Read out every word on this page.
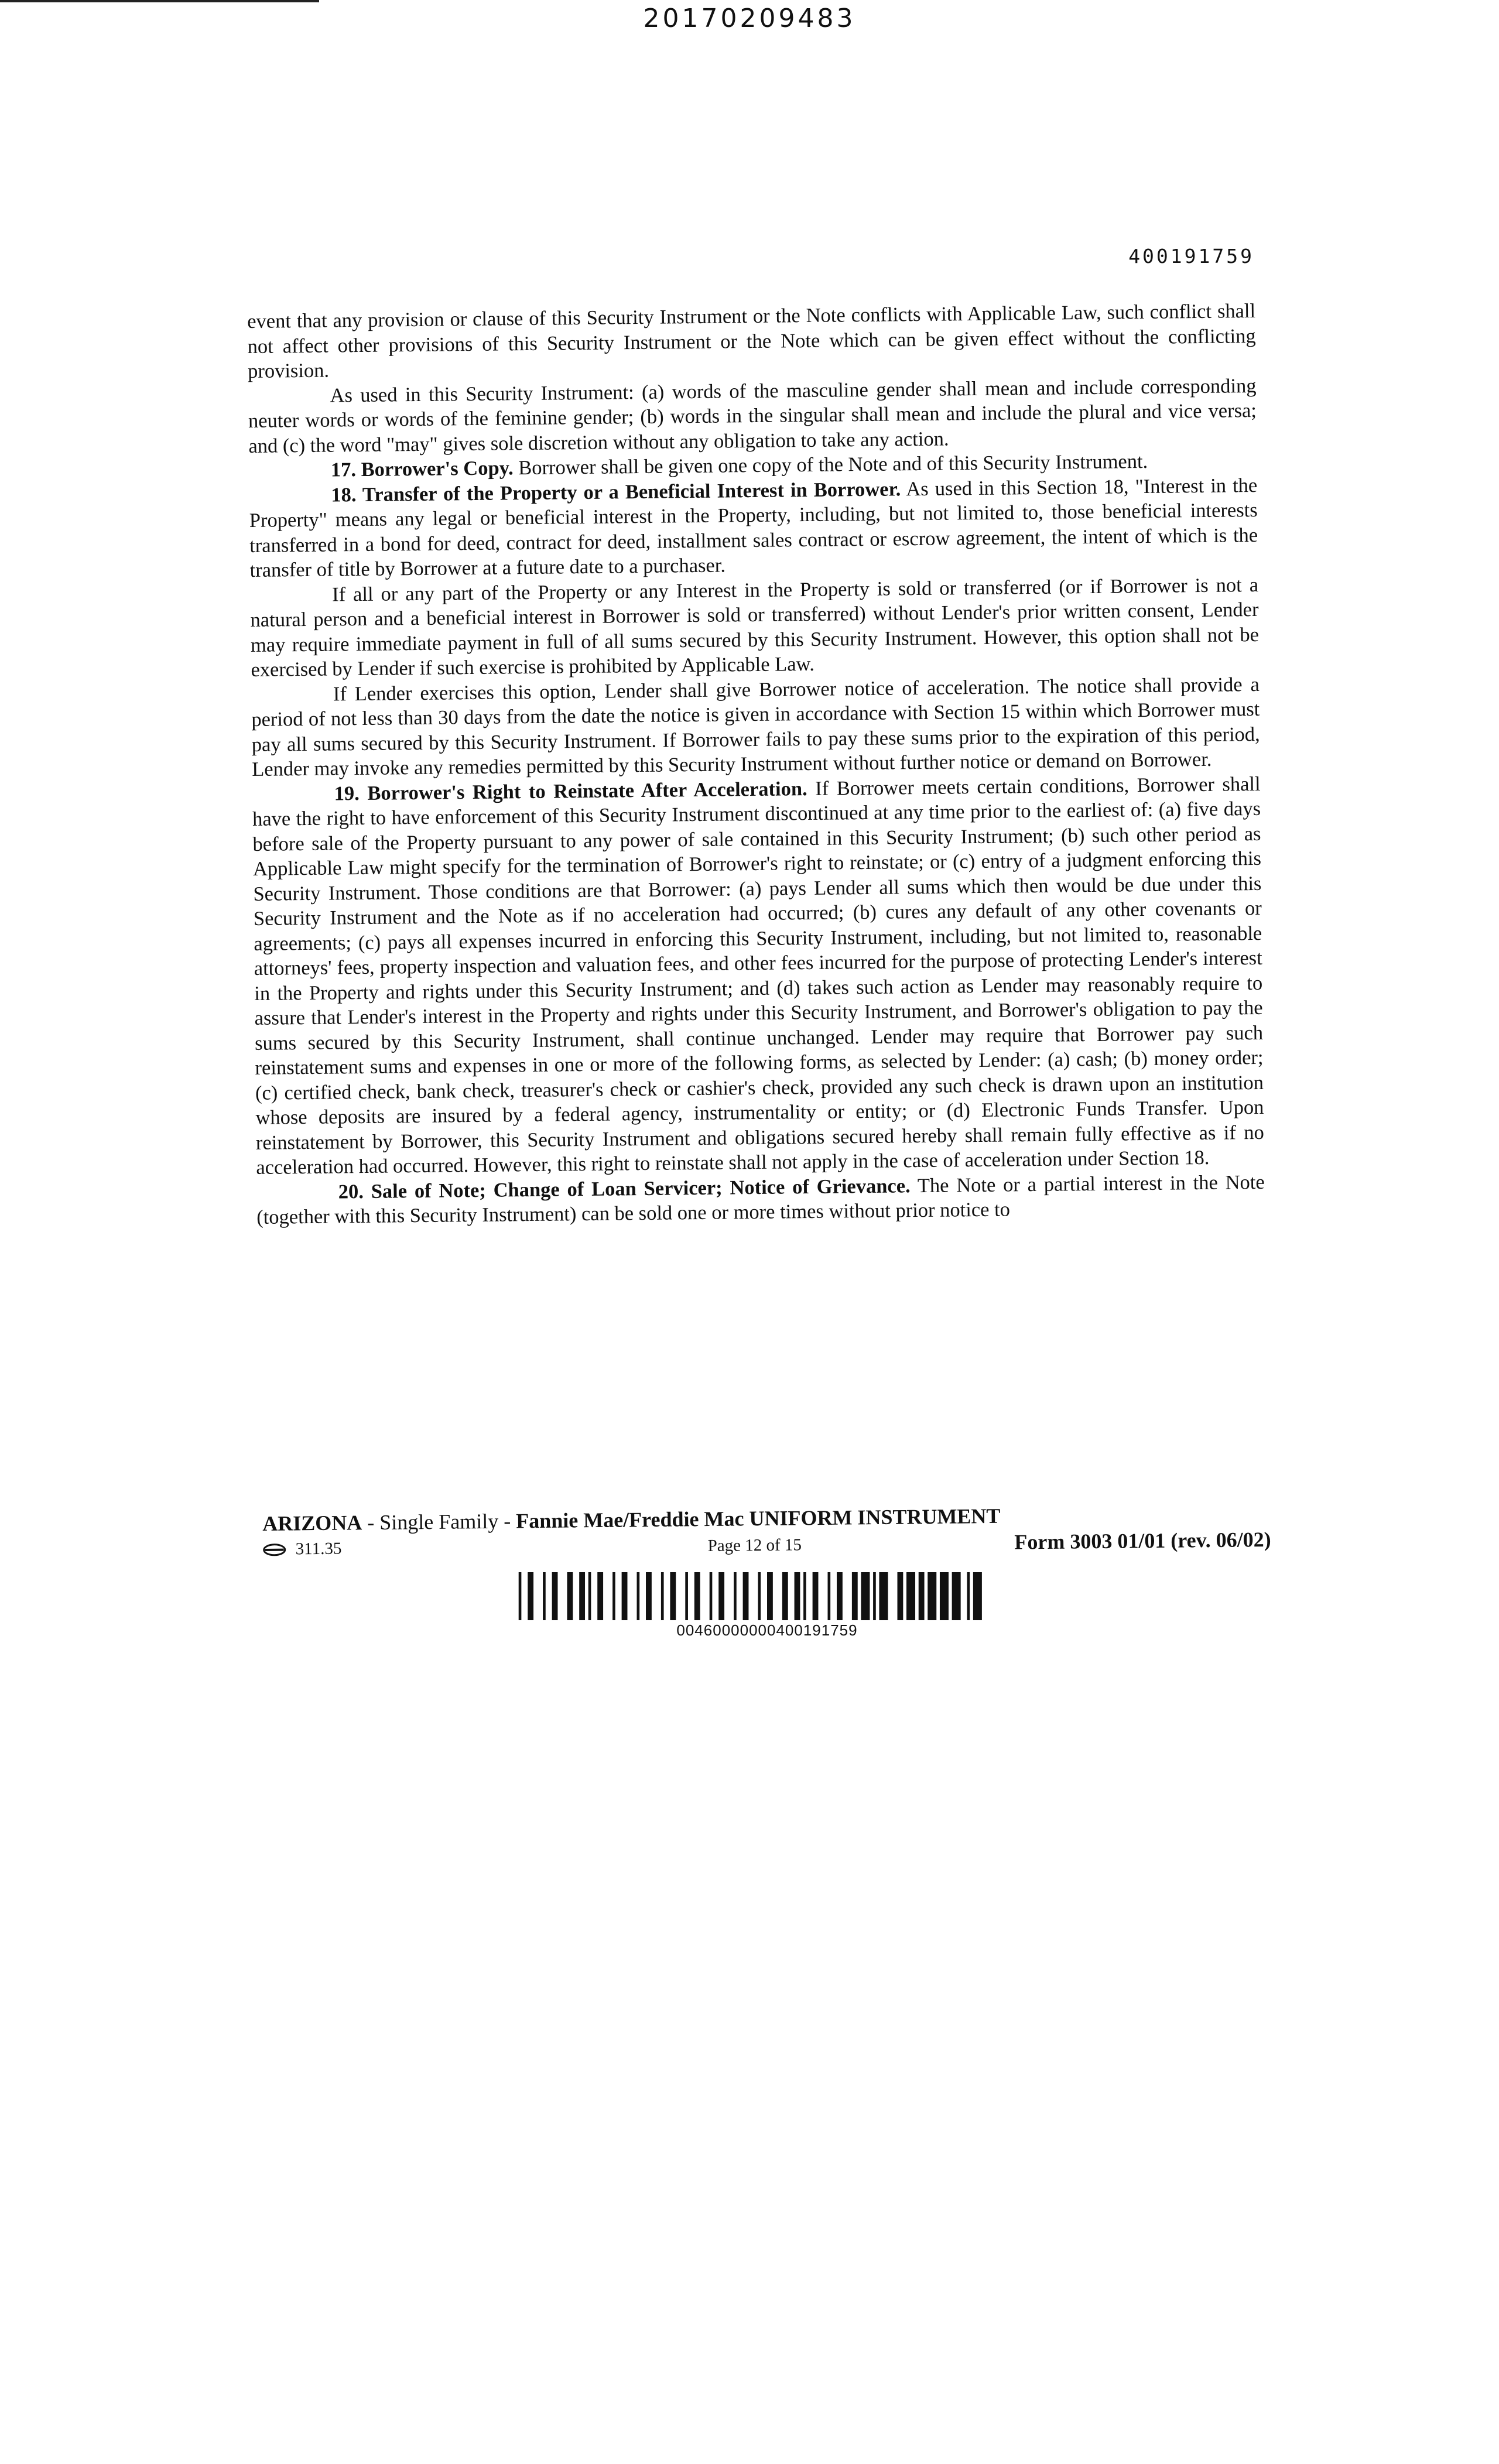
20170209483
400191759

event that any provision or clause of this Security Instrument or the Note conflicts with Applicable Law, such conflict shall not affect other provisions of this Security Instrument or the Note which can be given effect without the conflicting provision.

As used in this Security Instrument: (a) words of the masculine gender shall mean and include corresponding neuter words or words of the feminine gender; (b) words in the singular shall mean and include the plural and vice versa; and (c) the word "may" gives sole discretion without any obligation to take any action.

17. Borrower's Copy. Borrower shall be given one copy of the Note and of this Security Instrument.

18. Transfer of the Property or a Beneficial Interest in Borrower. As used in this Section 18, "Interest in the Property" means any legal or beneficial interest in the Property, including, but not limited to, those beneficial interests transferred in a bond for deed, contract for deed, installment sales contract or escrow agreement, the intent of which is the transfer of title by Borrower at a future date to a purchaser.

If all or any part of the Property or any Interest in the Property is sold or transferred (or if Borrower is not a natural person and a beneficial interest in Borrower is sold or transferred) without Lender's prior written consent, Lender may require immediate payment in full of all sums secured by this Security Instrument. However, this option shall not be exercised by Lender if such exercise is prohibited by Applicable Law.

If Lender exercises this option, Lender shall give Borrower notice of acceleration. The notice shall provide a period of not less than 30 days from the date the notice is given in accordance with Section 15 within which Borrower must pay all sums secured by this Security Instrument. If Borrower fails to pay these sums prior to the expiration of this period, Lender may invoke any remedies permitted by this Security Instrument without further notice or demand on Borrower.

19. Borrower's Right to Reinstate After Acceleration. If Borrower meets certain conditions, Borrower shall have the right to have enforcement of this Security Instrument discontinued at any time prior to the earliest of: (a) five days before sale of the Property pursuant to any power of sale contained in this Security Instrument; (b) such other period as Applicable Law might specify for the termination of Borrower's right to reinstate; or (c) entry of a judgment enforcing this Security Instrument. Those conditions are that Borrower: (a) pays Lender all sums which then would be due under this Security Instrument and the Note as if no acceleration had occurred; (b) cures any default of any other covenants or agreements; (c) pays all expenses incurred in enforcing this Security Instrument, including, but not limited to, reasonable attorneys' fees, property inspection and valuation fees, and other fees incurred for the purpose of protecting Lender's interest in the Property and rights under this Security Instrument; and (d) takes such action as Lender may reasonably require to assure that Lender's interest in the Property and rights under this Security Instrument, and Borrower's obligation to pay the sums secured by this Security Instrument, shall continue unchanged. Lender may require that Borrower pay such reinstatement sums and expenses in one or more of the following forms, as selected by Lender: (a) cash; (b) money order; (c) certified check, bank check, treasurer's check or cashier's check, provided any such check is drawn upon an institution whose deposits are insured by a federal agency, instrumentality or entity; or (d) Electronic Funds Transfer. Upon reinstatement by Borrower, this Security Instrument and obligations secured hereby shall remain fully effective as if no acceleration had occurred. However, this right to reinstate shall not apply in the case of acceleration under Section 18.

20. Sale of Note; Change of Loan Servicer; Notice of Grievance. The Note or a partial interest in the Note (together with this Security Instrument) can be sold one or more times without prior notice to

ARIZONA - Single Family - Fannie Mae/Freddie Mac UNIFORM INSTRUMENT
311.35	Page 12 of 15	Form 3003 01/01 (rev. 06/02)
00460000000400191759
